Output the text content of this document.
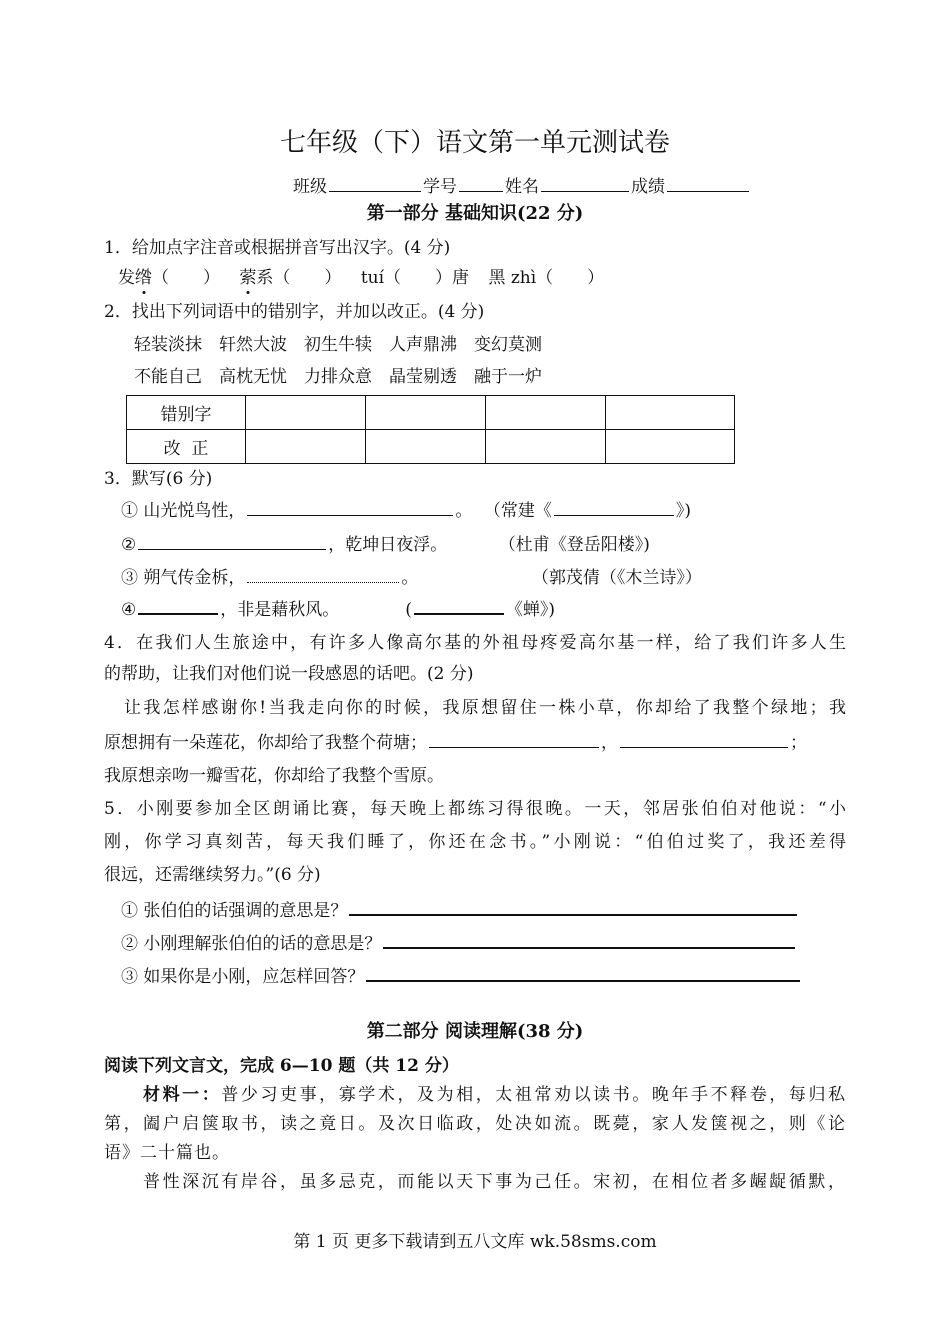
七年级（下）语文第一单元测试卷
班级	学号	姓名	成绩
第一部分 基础知识(22 分)
1．给加点字注音或根据拼音写出汉字。(4 分)
发绺（　　） 萦系（　　） tuí（　　）唐 黑 zhì（　　）
2．找出下列词语中的错别字，并加以改正。(4 分)
轻装淡抹　轩然大波　初生牛犊　人声鼎沸　变幻莫测
不能自己　高枕无忧　力排众意　晶莹剔透　融于一炉
错别字				
改  正				
3．默写(6 分)
① 山光悦鸟性，	。 （常建《	》)
②	，乾坤日夜浮。	（杜甫《登岳阳楼》)
③ 朔气传金柝，	。	（郭茂倩（《木兰诗》）
④	，非是藉秋风。	(	《蝉》)
4．在我们人生旅途中，有许多人像高尔基的外祖母疼爱高尔基一样，给了我们许多人生
的帮助，让我们对他们说一段感恩的话吧。(2 分)
让我怎样感谢你!当我走向你的时候，我原想留住一株小草，你却给了我整个绿地；我
原想拥有一朵莲花，你却给了我整个荷塘；	，	；
我原想亲吻一瓣雪花，你却给了我整个雪原。
5．小刚要参加全区朗诵比赛，每天晚上都练习得很晚。一天，邻居张伯伯对他说：“小
刚，你学习真刻苦，每天我们睡了，你还在念书。”小刚说：“伯伯过奖了，我还差得
很远，还需继续努力。”(6 分)
① 张伯伯的话强调的意思是？
② 小刚理解张伯伯的话的意思是？
③ 如果你是小刚，应怎样回答？
第二部分 阅读理解(38 分)
阅读下列文言文，完成 6—10 题（共 12 分）
材料一：普少习吏事，寡学术，及为相，太祖常劝以读书。晚年手不释卷，每归私
第，阖户启箧取书，读之竟日。及次日临政，处决如流。既薨，家人发箧视之，则《论
语》二十篇也。
普性深沉有岸谷，虽多忌克，而能以天下事为己任。宋初，在相位者多龌龊循默，
第 1 页 更多下载请到五八文库 wk.58sms.com
